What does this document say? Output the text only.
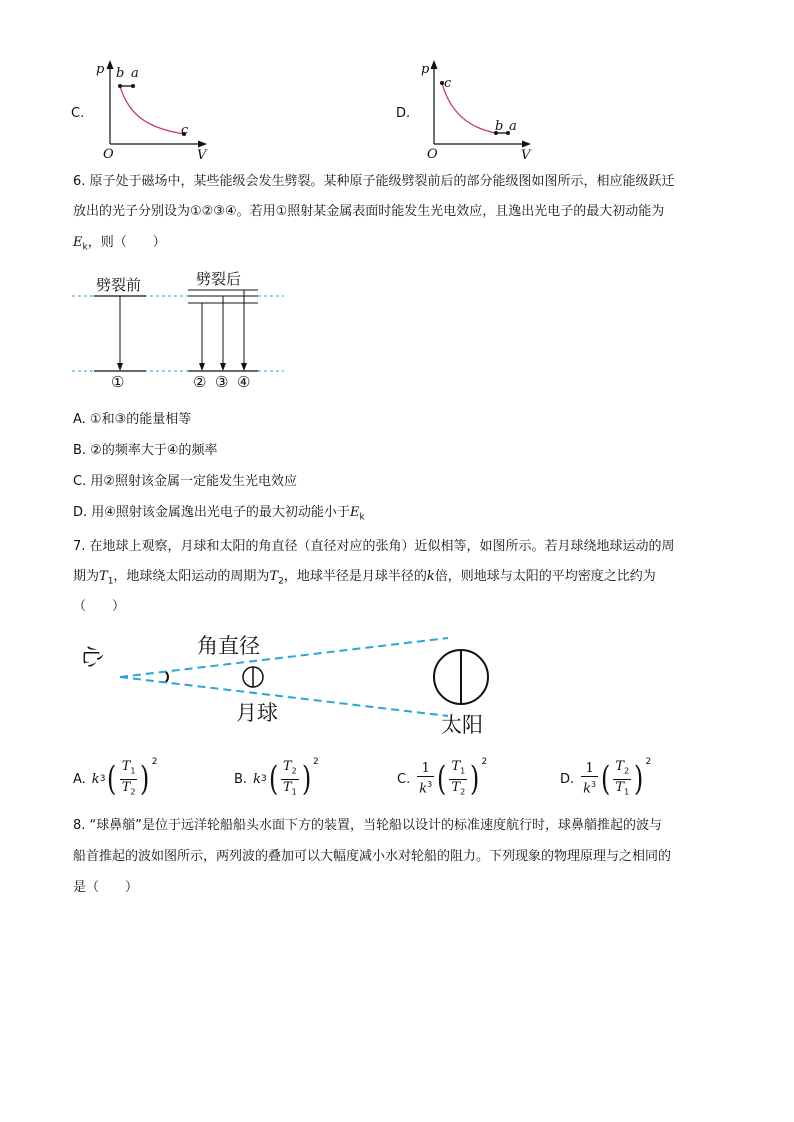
C.
p b a
c
O	V
D.
p
c
b a
O	V
6. 原子处于磁场中，某些能级会发生劈裂。某种原子能级劈裂前后的部分能级图如图所示，相应能级跃迁
放出的光子分别设为①②③④。若用①照射某金属表面时能发生光电效应，且逸出光电子的最大初动能为
$E_k$，则（　　）
劈裂前	劈裂后
①	② ③ ④
A. ①和③的能量相等
B. ②的频率大于④的频率
C. 用②照射该金属一定能发生光电效应
D. 用④照射该金属逸出光电子的最大初动能小于$E_k$
7. 在地球上观察，月球和太阳的角直径（直径对应的张角）近似相等，如图所示。若月球绕地球运动的周
期为$T_1$，地球绕太阳运动的周期为$T_2$，地球半径是月球半径的k倍，则地球与太阳的平均密度之比约为
（　　）
心	角直径
月球	太阳
A. k 3 ( $\frac{T_1}{T_2} )^2$
B. k 3 ( $\frac{T_2}{T_1} )^2$
C. $\frac{1}{k^3}$ ( $\frac{T_1}{T_2} )^2$
D. $\frac{1}{k^3}$ ( $\frac{T_2}{T_1} )^2$
8. “球鼻艏”是位于远洋轮船船头水面下方的装置，当轮船以设计的标准速度航行时，球鼻艏推起的波与
船首推起的波如图所示，两列波的叠加可以大幅度减小水对轮船的阻力。下列现象的物理原理与之相同的
是（　　）
